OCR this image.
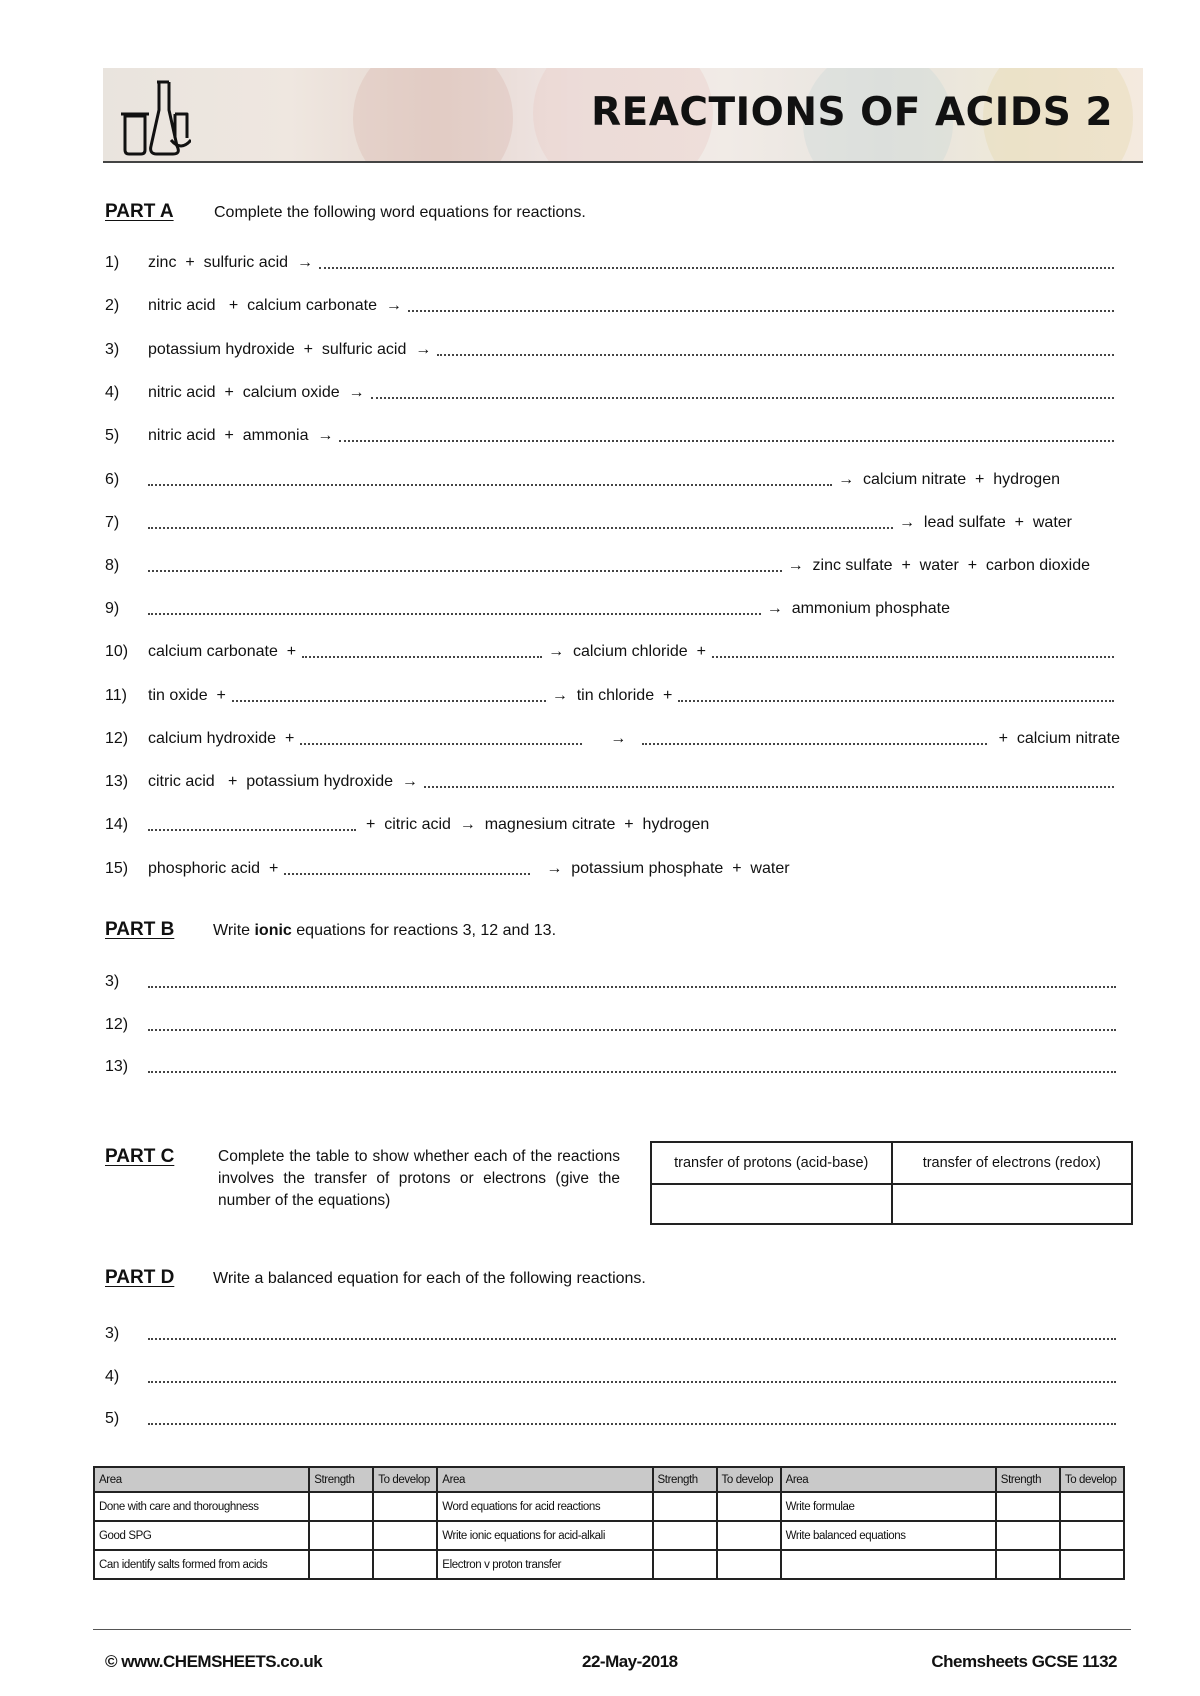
REACTIONS OF ACIDS 2
PART A	Complete the following word equations for reactions.
1)	zinc  +  sulfuric acid  →
2)	nitric acid   +  calcium carbonate  →
3)	potassium hydroxide  +  sulfuric acid  →
4)	nitric acid  +  calcium oxide  →
5)	nitric acid  +  ammonia  →
6)	→  calcium nitrate  +  hydrogen
7)	→  lead sulfate  +  water
8)	→  zinc sulfate  +  water  +  carbon dioxide
9)	→  ammonium phosphate
10)	calcium carbonate  +	→  calcium chloride  +
11)	tin oxide  +	→  tin chloride  +
12)	calcium hydroxide  +	→	+  calcium nitrate
13)	citric acid   +  potassium hydroxide  →
14)	+  citric acid  →  magnesium citrate  +  hydrogen
15)	phosphoric acid  +	→  potassium phosphate  +  water
PART B Write ionic equations for reactions 3, 12 and 13.
3)
12)
13)
PART C	Complete the table to show whether each of the reactions involves the transfer of protons or electrons (give the number of the equations)
transfer of protons (acid-base)	transfer of electrons (redox)

PART D Write a balanced equation for each of the following reactions.
3)
4)
5)
Area	Strength	To develop	Area	Strength	To develop	Area	Strength	To develop
Done with care and thoroughness			Word equations for acid reactions			Write formulae		
Good SPG			Write ionic equations for acid-alkali			Write balanced equations		
Can identify salts formed from acids			Electron v proton transfer					
© www.CHEMSHEETS.co.uk	22-May-2018	Chemsheets GCSE 1132
